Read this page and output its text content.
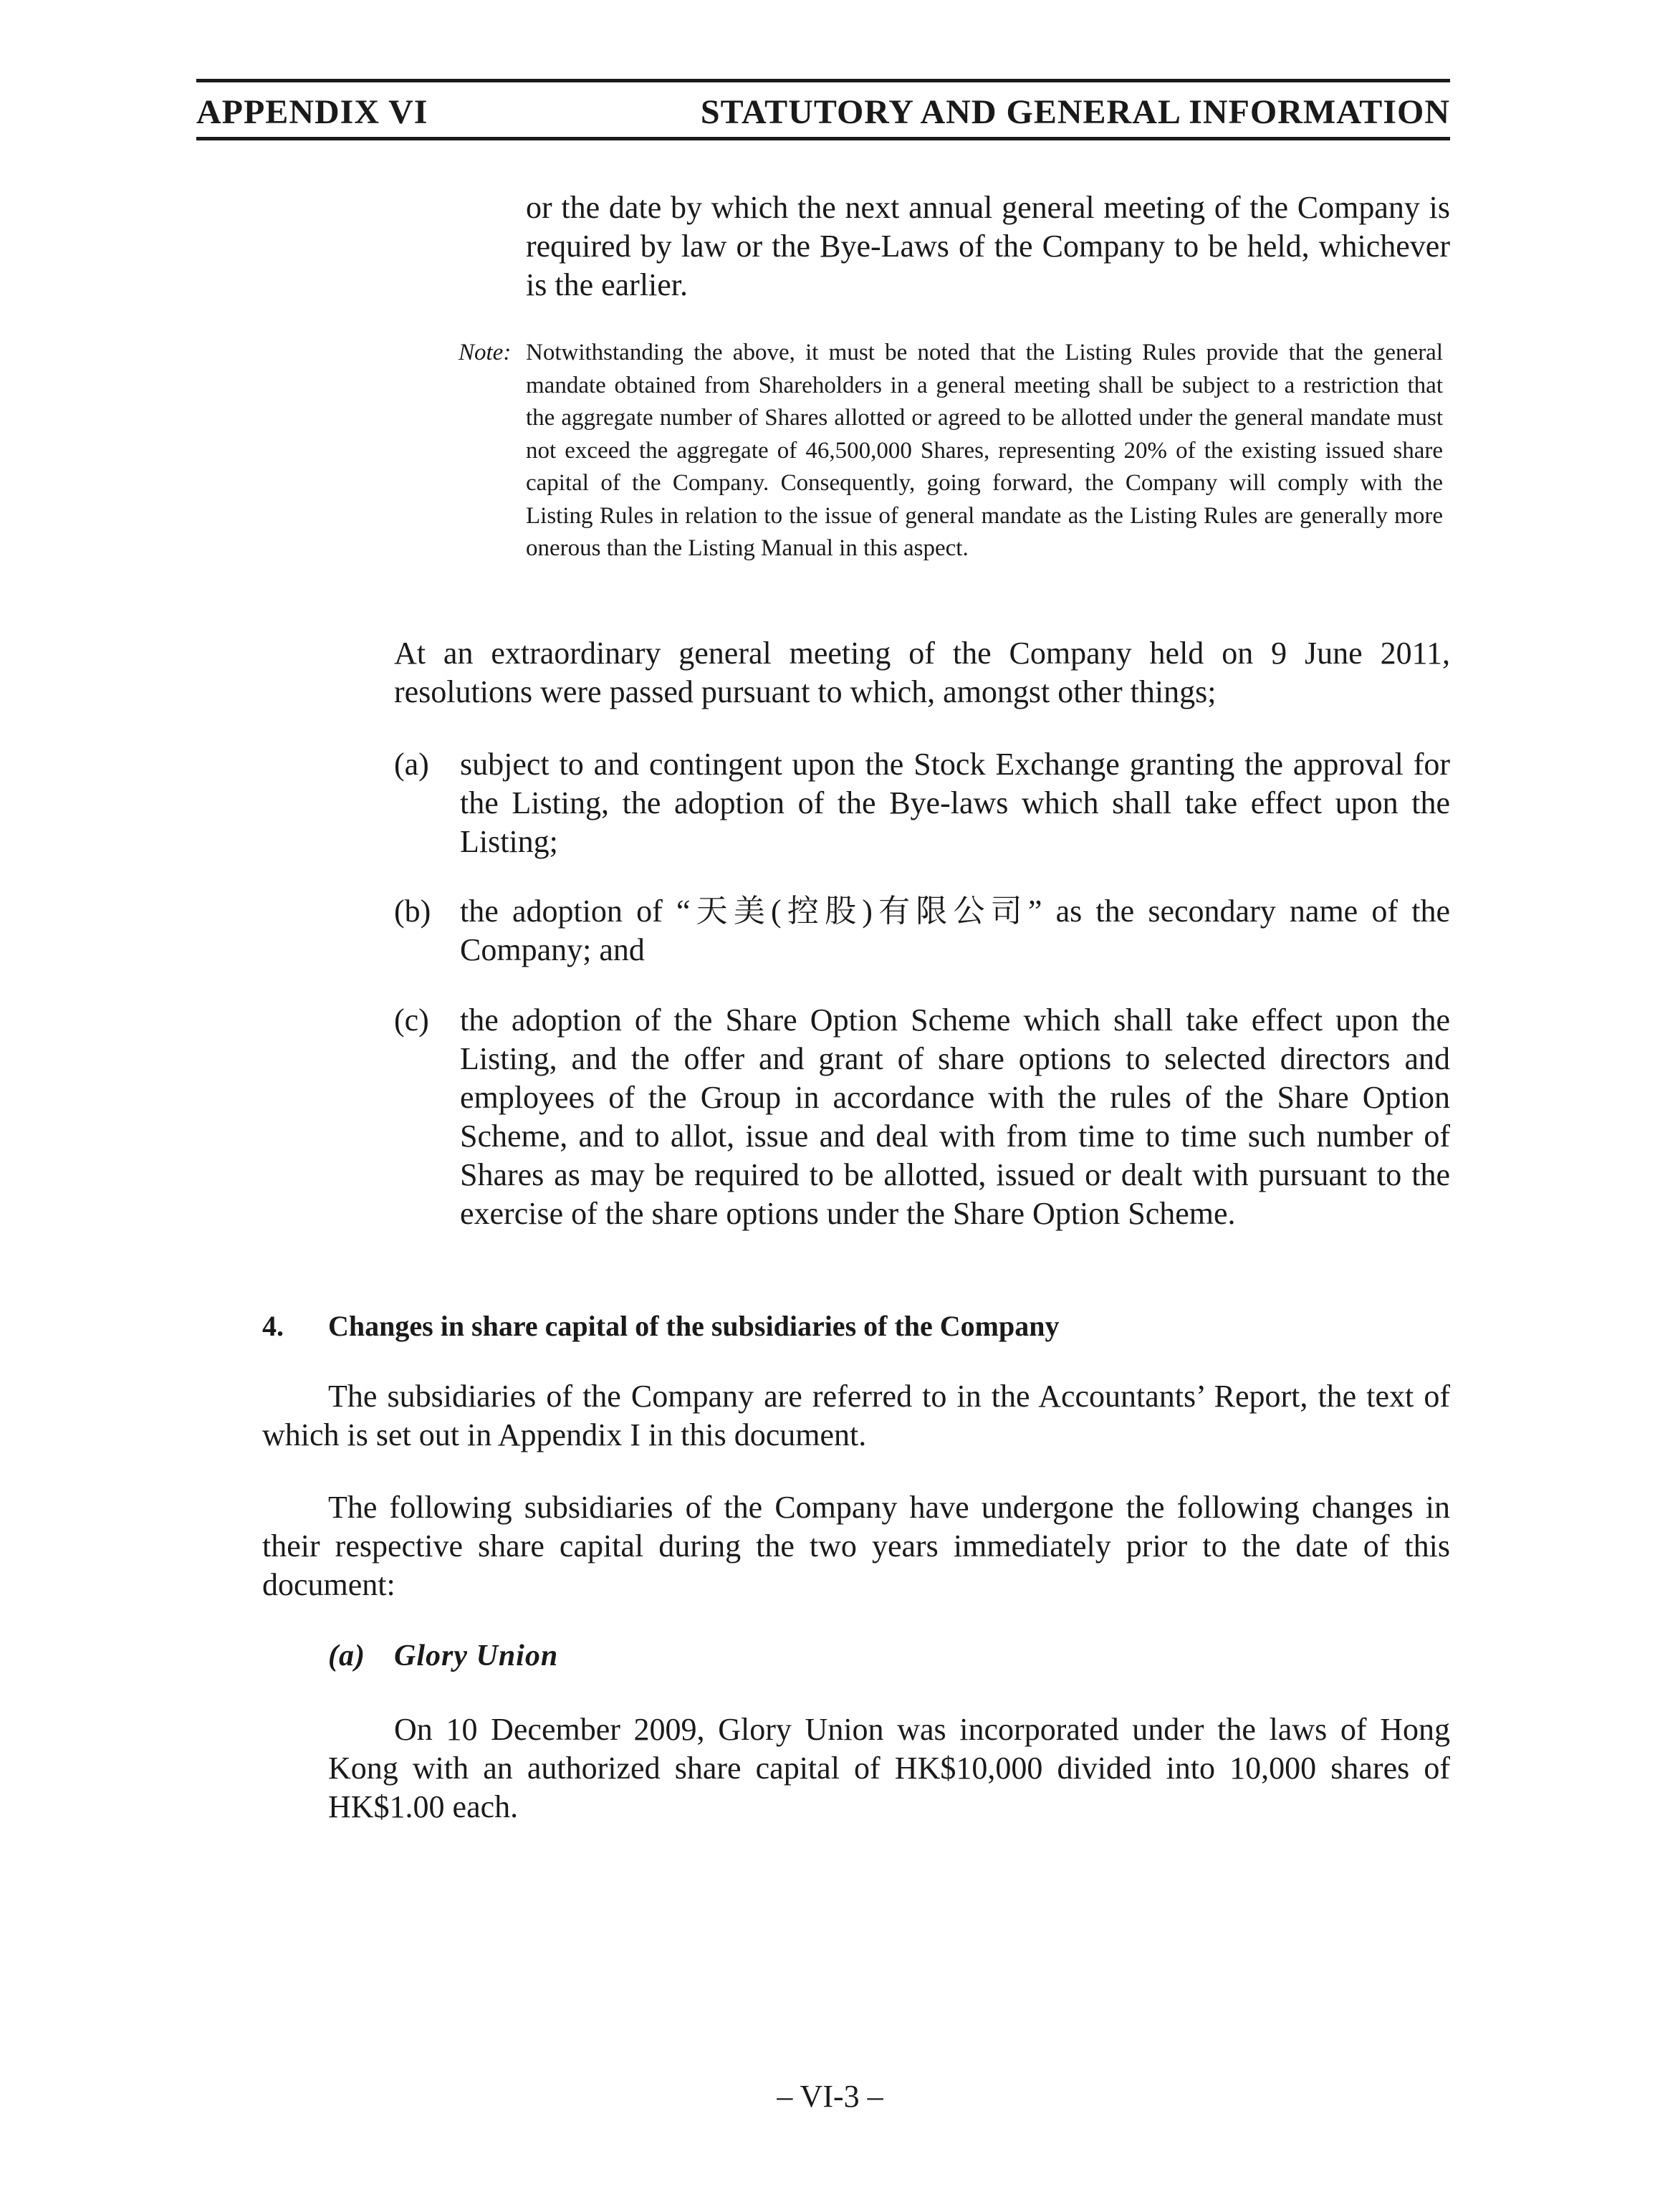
APPENDIX VI	STATUTORY AND GENERAL INFORMATION

or the date by which the next annual general meeting of the Company is required by law or the Bye-Laws of the Company to be held, whichever is the earlier.

Note: Notwithstanding the above, it must be noted that the Listing Rules provide that the general mandate obtained from Shareholders in a general meeting shall be subject to a restriction that the aggregate number of Shares allotted or agreed to be allotted under the general mandate must not exceed the aggregate of 46,500,000 Shares, representing 20% of the existing issued share capital of the Company. Consequently, going forward, the Company will comply with the Listing Rules in relation to the issue of general mandate as the Listing Rules are generally more onerous than the Listing Manual in this aspect.

At an extraordinary general meeting of the Company held on 9 June 2011, resolutions were passed pursuant to which, amongst other things;

(a) subject to and contingent upon the Stock Exchange granting the approval for the Listing, the adoption of the Bye-laws which shall take effect upon the Listing;

(b) the adoption of “天美(控股)有限公司” as the secondary name of the Company; and

(c) the adoption of the Share Option Scheme which shall take effect upon the Listing, and the offer and grant of share options to selected directors and employees of the Group in accordance with the rules of the Share Option Scheme, and to allot, issue and deal with from time to time such number of Shares as may be required to be allotted, issued or dealt with pursuant to the exercise of the share options under the Share Option Scheme.

4. Changes in share capital of the subsidiaries of the Company

The subsidiaries of the Company are referred to in the Accountants’ Report, the text of which is set out in Appendix I in this document.

The following subsidiaries of the Company have undergone the following changes in their respective share capital during the two years immediately prior to the date of this document:

(a) Glory Union

On 10 December 2009, Glory Union was incorporated under the laws of Hong Kong with an authorized share capital of HK$10,000 divided into 10,000 shares of HK$1.00 each.

– VI-3 –
